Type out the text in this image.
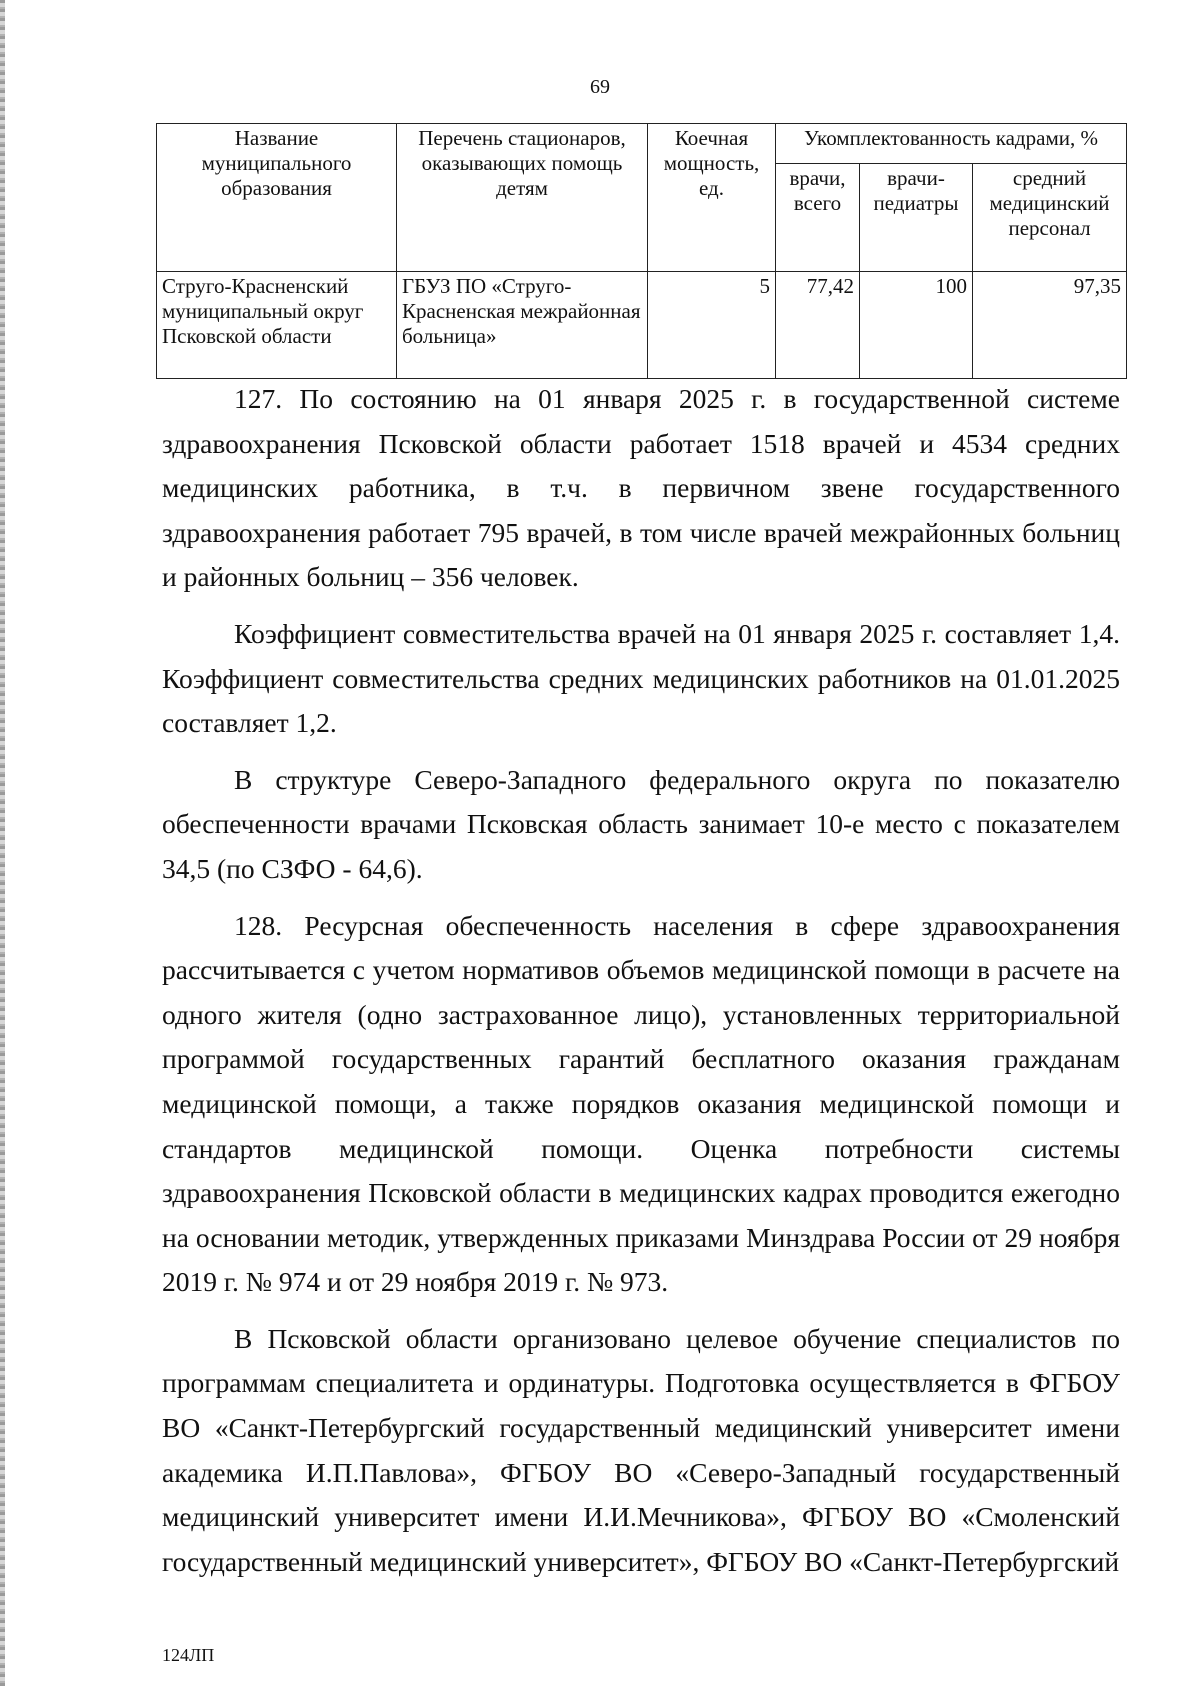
69
Название муниципального образования	Перечень стационаров, оказывающих помощь детям	Коечная мощность, ед.	Укомплектованность кадрами, %		
			врачи, всего	врачи-педиатры	средний медицинский персонал
Струго-Красненский муниципальный округ Псковской области	ГБУЗ ПО «Струго-Красненская межрайонная больница»	5	77,42	100	97,35

127. По состоянию на 01 января 2025 г. в государственной системе здравоохранения Псковской области работает 1518 врачей и 4534 средних медицинских работника, в т.ч. в первичном звене государственного здравоохранения работает 795 врачей, в том числе врачей межрайонных больниц и районных больниц – 356 человек.

Коэффициент совместительства врачей на 01 января 2025 г. составляет 1,4. Коэффициент совместительства средних медицинских работников на 01.01.2025 составляет 1,2.

В структуре Северо-Западного федерального округа по показателю обеспеченности врачами Псковская область занимает 10-е место с показателем 34,5 (по СЗФО - 64,6).

128. Ресурсная обеспеченность населения в сфере здравоохранения рассчитывается с учетом нормативов объемов медицинской помощи в расчете на одного жителя (одно застрахованное лицо), установленных территориальной программой государственных гарантий бесплатного оказания гражданам медицинской помощи, а также порядков оказания медицинской помощи и стандартов медицинской помощи. Оценка потребности системы здравоохранения Псковской области в медицинских кадрах проводится ежегодно на основании методик, утвержденных приказами Минздрава России от 29 ноября 2019 г. № 974 и от 29 ноября 2019 г. № 973.

В Псковской области организовано целевое обучение специалистов по программам специалитета и ординатуры. Подготовка осуществляется в ФГБОУ ВО «Санкт-Петербургский государственный медицинский университет имени академика И.П.Павлова», ФГБОУ ВО «Северо-Западный государственный медицинский университет имени И.И.Мечникова», ФГБОУ ВО «Смоленский государственный медицинский университет», ФГБОУ ВО «Санкт-Петербургский

124ЛП
